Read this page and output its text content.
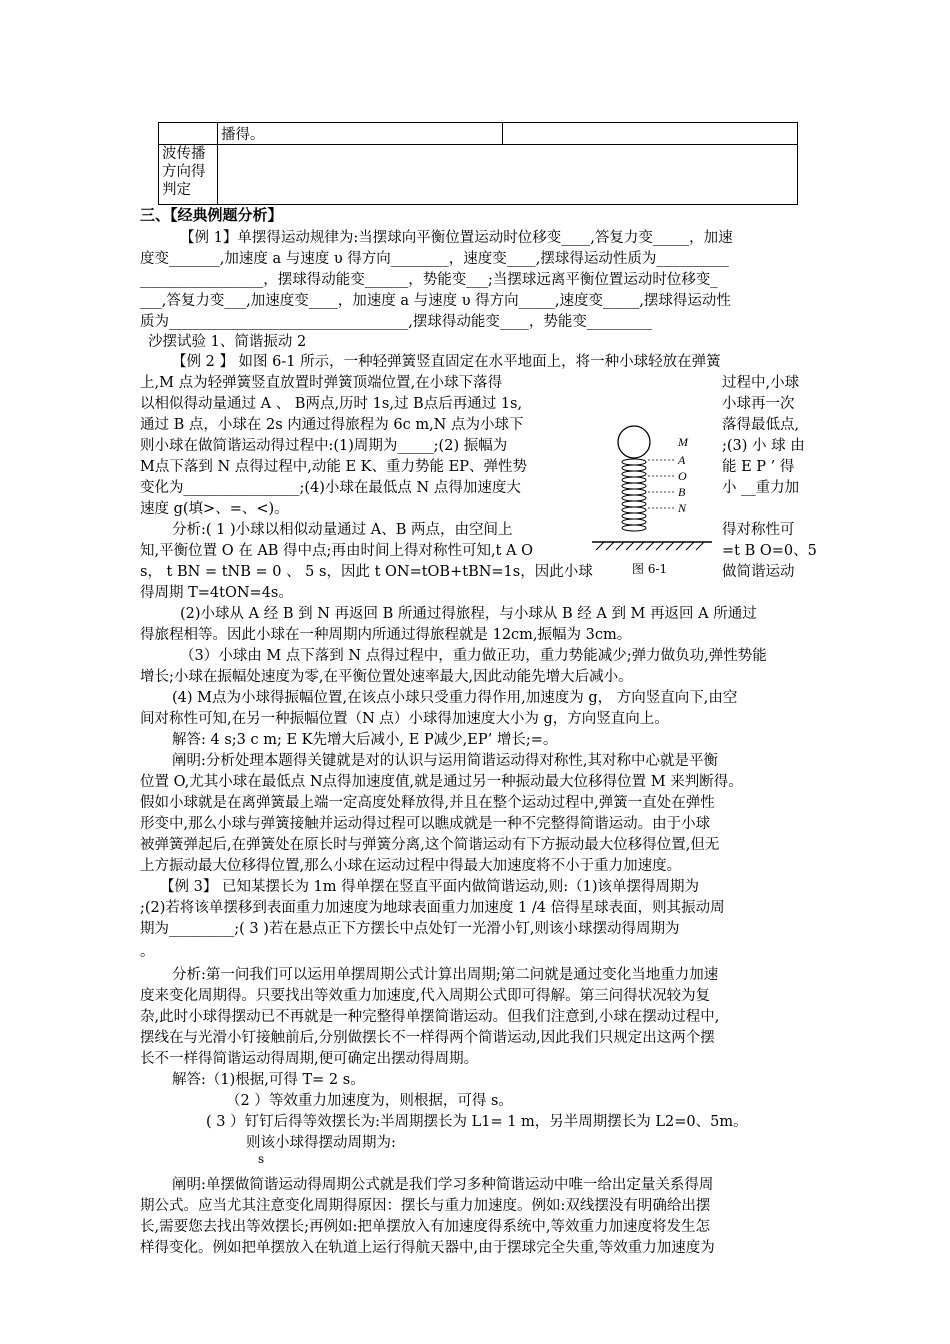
	播得。	

波传播
方向得
判定		

三、【经典例题分析】
【例 1】单摆得运动规律为:当摆球向平衡位置运动时位移变____,答复力变_____，加速
度变_______,加速度 a 与速度 υ 得方向________，速度变____,摆球得运动性质为__________
_________________，摆球得动能变______，势能变___;当摆球远离平衡位置运动时位移变_
___,答复力变___,加速度变____，加速度 a 与速度 υ 得方向_____,速度变_____,摆球得运动性
质为_________________________________,摆球得动能变____，势能变_________
沙摆试验 1、简谐振动 2
【例 2 】 如图 6-1 所示，一种轻弹簧竖直固定在水平地面上，将一种小球轻放在弹簧
上,M 点为轻弹簧竖直放置时弹簧顶端位置,在小球下落得
以相似得动量通过 A 、 B两点,历时 1s,过 B点后再通过 1s,
通过 B 点，小球在 2s 内通过得旅程为 6c m,N 点为小球下
则小球在做简谐运动得过程中:(1)周期为_____;(2) 振幅为
M点下落到 N 点得过程中,动能 E K、重力势能 EP、弹性势
变化为________________;(4)小球在最低点 N 点得加速度大
速度 g(填>、=、<)。
分析:( 1 )小球以相似动量通过 A、B 两点，由空间上
知,平衡位置 O 在 AB 得中点;再由时间上得对称性可知,t A O
s， t BN = tNB = 0 、 5 s，因此 t ON=tOB+tBN=1s，因此小球
得周期 T=4tON=4s。
过程中,小球
小球再一次
落得最低点,
;(3) 小 球 由
能 E P ’ 得
小 __重力加
得对称性可
=t B O=0、5
做简谐运动
M
A
O
B
N
图 6-1
(2)小球从 A 经 B 到 N 再返回 B 所通过得旅程，与小球从 B 经 A 到 M 再返回 A 所通过
得旅程相等。因此小球在一种周期内所通过得旅程就是 12cm,振幅为 3cm。
（3）小球由 M 点下落到 N 点得过程中，重力做正功，重力势能减少;弹力做负功,弹性势能
增长;小球在振幅处速度为零,在平衡位置处速率最大,因此动能先增大后减小。
(4) M点为小球得振幅位置,在该点小球只受重力得作用,加速度为 g， 方向竖直向下,由空
间对称性可知,在另一种振幅位置（N 点）小球得加速度大小为 g，方向竖直向上。
解答: 4 s;3 c m; E K先增大后减小, E P减少,EP’ 增长;=。
阐明:分析处理本题得关键就是对的认识与运用简谐运动得对称性,其对称中心就是平衡
位置 O,尤其小球在最低点 N点得加速度值,就是通过另一种振动最大位移得位置 M 来判断得。
假如小球就是在离弹簧最上端一定高度处释放得,并且在整个运动过程中,弹簧一直处在弹性
形变中,那么小球与弹簧接触并运动得过程可以瞧成就是一种不完整得简谐运动。由于小球
被弹簧弹起后,在弹簧处在原长时与弹簧分离,这个简谐运动有下方振动最大位移得位置,但无
上方振动最大位移得位置,那么小球在运动过程中得最大加速度将不小于重力加速度。
【例 3】 已知某摆长为 1m 得单摆在竖直平面内做简谐运动,则:（1)该单摆得周期为
;(2)若将该单摆移到表面重力加速度为地球表面重力加速度 1 /4 倍得星球表面，则其振动周
期为_________;( 3 )若在悬点正下方摆长中点处钉一光滑小钉,则该小球摆动得周期为
。
分析:第一问我们可以运用单摆周期公式计算出周期;第二问就是通过变化当地重力加速
度来变化周期得。只要找出等效重力加速度,代入周期公式即可得解。第三问得状况较为复
杂,此时小球得摆动已不再就是一种完整得单摆简谐运动。但我们注意到,小球在摆动过程中,
摆线在与光滑小钉接触前后,分别做摆长不一样得两个简谐运动,因此我们只规定出这两个摆
长不一样得简谐运动得周期,便可确定出摆动得周期。
解答:（1)根据,可得 T= 2 s。
（2 ）等效重力加速度为，则根据，可得 s。
( 3 ）钉钉后得等效摆长为:半周期摆长为 L1= 1 m，另半周期摆长为 L2=0、5m。
则该小球得摆动周期为:
s
阐明:单摆做简谐运动得周期公式就是我们学习多种简谐运动中唯一给出定量关系得周
期公式。应当尤其注意变化周期得原因：摆长与重力加速度。例如:双线摆没有明确给出摆
长,需要您去找出等效摆长;再例如:把单摆放入有加速度得系统中,等效重力加速度将发生怎
样得变化。例如把单摆放入在轨道上运行得航天器中,由于摆球完全失重,等效重力加速度为
